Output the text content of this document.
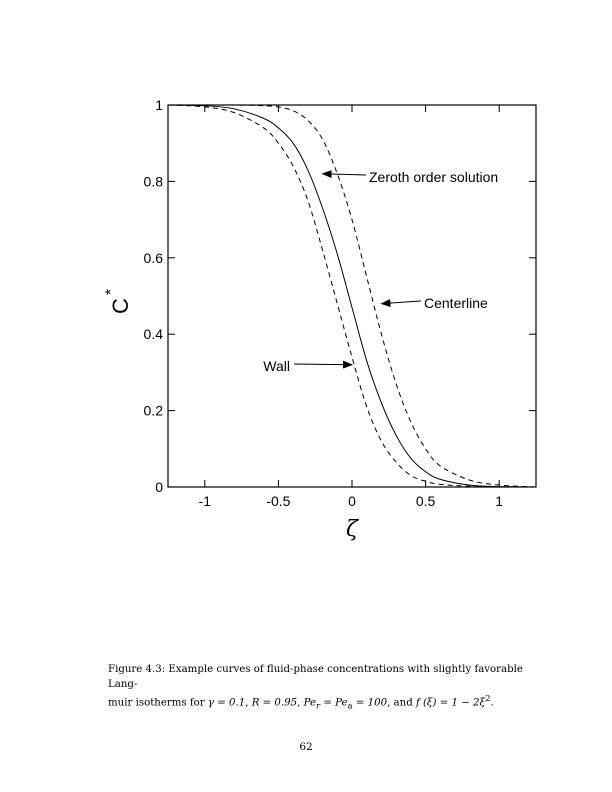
-1	-0.5	0	0.5	1
0
0.2
0.4
0.6
0.8
1
Zeroth order solution
Centerline
Wall
C
*
ζ
Figure 4.3: Example curves of fluid-phase concentrations with slightly favorable Lang-
muir isotherms for γ = 0.1, R = 0.95, $Pe_r = Pe_a = 100$, and f $(\xi) = 1 - 2\xi^2$.
62
